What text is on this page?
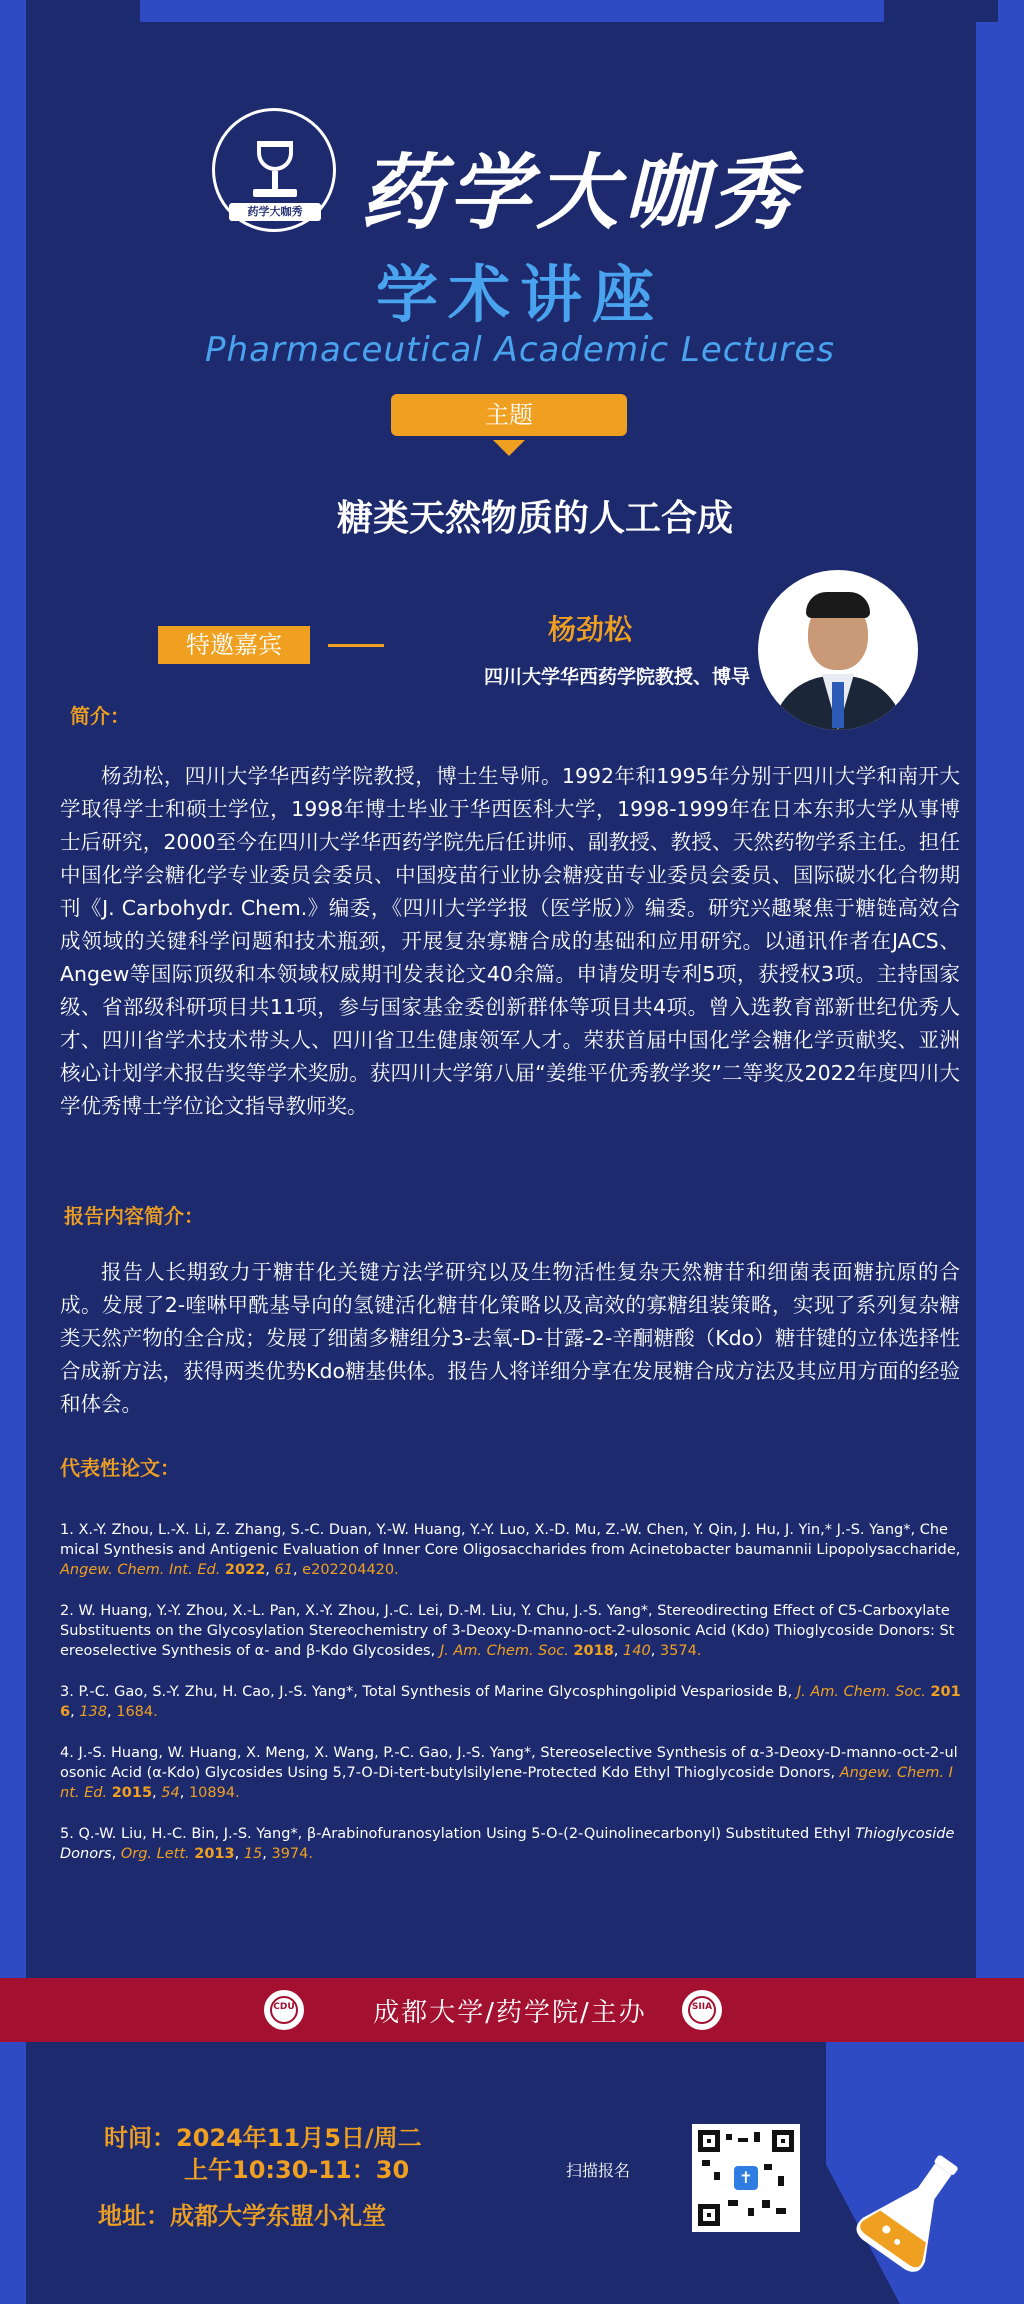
药学大咖秀 药学大咖秀
学术讲座
Pharmaceutical Academic Lectures
主题
糖类天然物质的人工合成
特邀嘉宾	杨劲松
四川大学华西药学院教授、博导
简介：
杨劲松，四川大学华西药学院教授，博士生导师。1992年和1995年分别于四川大学和南开大学取得学士和硕士学位，1998年博士毕业于华西医科大学，1998-1999年在日本东邦大学从事博士后研究，2000至今在四川大学华西药学院先后任讲师、副教授、教授、天然药物学系主任。担任中国化学会糖化学专业委员会委员、中国疫苗行业协会糖疫苗专业委员会委员、国际碳水化合物期刊《J. Carbohydr. Chem.》编委，《四川大学学报（医学版）》编委。研究兴趣聚焦于糖链高效合成领域的关键科学问题和技术瓶颈，开展复杂寡糖合成的基础和应用研究。以通讯作者在JACS、Angew等国际顶级和本领域权威期刊发表论文40余篇。申请发明专利5项，获授权3项。主持国家级、省部级科研项目共11项，参与国家基金委创新群体等项目共4项。曾入选教育部新世纪优秀人才、四川省学术技术带头人、四川省卫生健康领军人才。荣获首届中国化学会糖化学贡献奖、亚洲核心计划学术报告奖等学术奖励。获四川大学第八届“姜维平优秀教学奖”二等奖及2022年度四川大学优秀博士学位论文指导教师奖。
报告内容简介：
报告人长期致力于糖苷化关键方法学研究以及生物活性复杂天然糖苷和细菌表面糖抗原的合成。发展了2-喹啉甲酰基导向的氢键活化糖苷化策略以及高效的寡糖组装策略，实现了系列复杂糖类天然产物的全合成；发展了细菌多糖组分3-去氧-D-甘露-2-辛酮糖酸（Kdo）糖苷键的立体选择性合成新方法，获得两类优势Kdo糖基供体。报告人将详细分享在发展糖合成方法及其应用方面的经验和体会。
代表性论文：
1. X.-Y. Zhou, L.-X. Li, Z. Zhang, S.-C. Duan, Y.-W. Huang, Y.-Y. Luo, X.-D. Mu, Z.-W. Chen, Y. Qin, J. Hu, J. Yin,* J.-S. Yang*, Chemical Synthesis and Antigenic Evaluation of Inner Core Oligosaccharides from Acinetobacter baumannii Lipopolysaccharide, Angew. Chem. Int. Ed. 2022, 61, e202204420.
2. W. Huang, Y.-Y. Zhou, X.-L. Pan, X.-Y. Zhou, J.-C. Lei, D.-M. Liu, Y. Chu, J.-S. Yang*, Stereodirecting Effect of C5-Carboxylate Substituents on the Glycosylation Stereochemistry of 3-Deoxy-D-manno-oct-2-ulosonic Acid (Kdo) Thioglycoside Donors: Stereoselective Synthesis of α- and β-Kdo Glycosides, J. Am. Chem. Soc. 2018, 140, 3574.
3. P.-C. Gao, S.-Y. Zhu, H. Cao, J.-S. Yang*, Total Synthesis of Marine Glycosphingolipid Vesparioside B, J. Am. Chem. Soc. 2016, 138, 1684.
4. J.-S. Huang, W. Huang, X. Meng, X. Wang, P.-C. Gao, J.-S. Yang*, Stereoselective Synthesis of α-3-Deoxy-D-manno-oct-2-ulosonic Acid (α-Kdo) Glycosides Using 5,7-O-Di-tert-butylsilylene-Protected Kdo Ethyl Thioglycoside Donors, Angew. Chem. Int. Ed. 2015, 54, 10894.
5. Q.-W. Liu, H.-C. Bin, J.-S. Yang*, β-Arabinofuranosylation Using 5-O-(2-Quinolinecarbonyl) Substituted Ethyl Thioglycoside Donors, Org. Lett. 2013, 15, 3974.
CDU	成都大学/药学院/主办	SIIA
时间：2024年11月5日/周二
上午10:30-11：30
地址：成都大学东盟小礼堂
扫描报名	✝
